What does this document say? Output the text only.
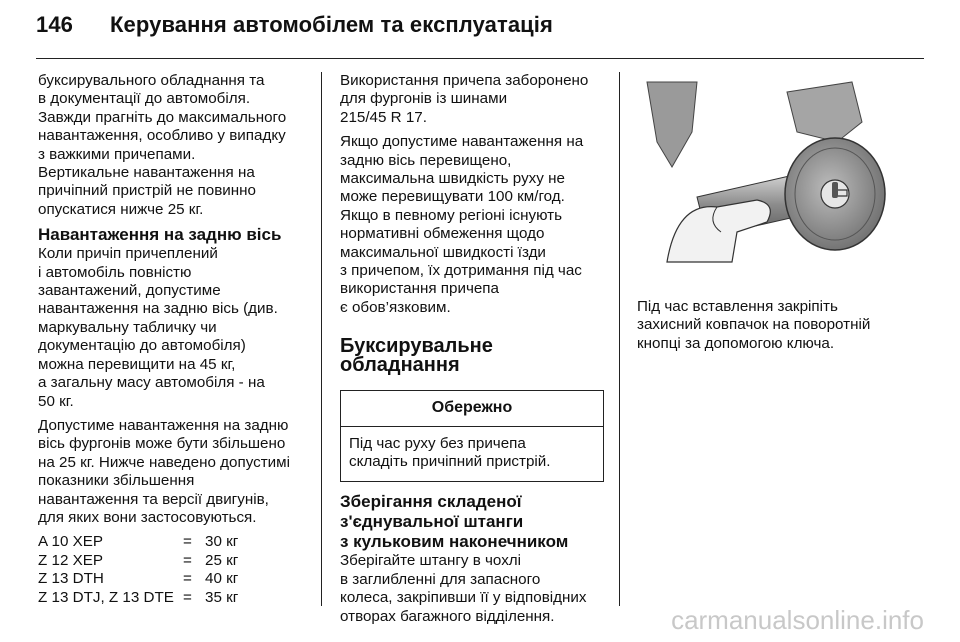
146 Керування автомобілем та експлуатація

буксирувального обладнання та
в документації до автомобіля.
Завжди прагніть до максимального
навантаження, особливо у випадку
з важкими причепами.
Вертикальне навантаження на
причіпний пристрій не повинно
опускатися нижче 25 кг.

Навантаження на задню вісь

Коли причіп причеплений
і автомобіль повністю
завантажений, допустиме
навантаження на задню вісь (див.
маркувальну табличку чи
документацію до автомобіля)
можна перевищити на 45 кг,
а загальну масу автомобіля - на
50 кг.

Допустиме навантаження на задню
вісь фургонів може бути збільшено
на 25 кг. Нижче наведено допустимі
показники збільшення
навантаження та версії двигунів,
для яких вони застосовуються.

A 10 XEP	=	30 кг
Z 12 XEP	=	25 кг
Z 13 DTH	=	40 кг
Z 13 DTJ, Z 13 DTE	=	35 кг

Використання причепа заборонено
для фургонів із шинами
215/45 R 17.

Якщо допустиме навантаження на
задню вісь перевищено,
максимальна швидкість руху не
може перевищувати 100 км/год.
Якщо в певному регіоні існують
нормативні обмеження щодо
максимальної швидкості їзди
з причепом, їх дотримання під час
використання причепа
є обов’язковим.

Буксирувальне обладнання
Обережно
Під час руху без причепа
складіть причіпний пристрій.
Зберігання складеної
з'єднувальної штанги
з кульковим наконечником

Зберігайте штангу в чохлі
в заглибленні для запасного
колеса, закріпивши її у відповідних
отворах багажного відділення.

Під час вставлення закріпіть
захисний ковпачок на поворотній
кнопці за допомогою ключа.

carmanualsonline.info
